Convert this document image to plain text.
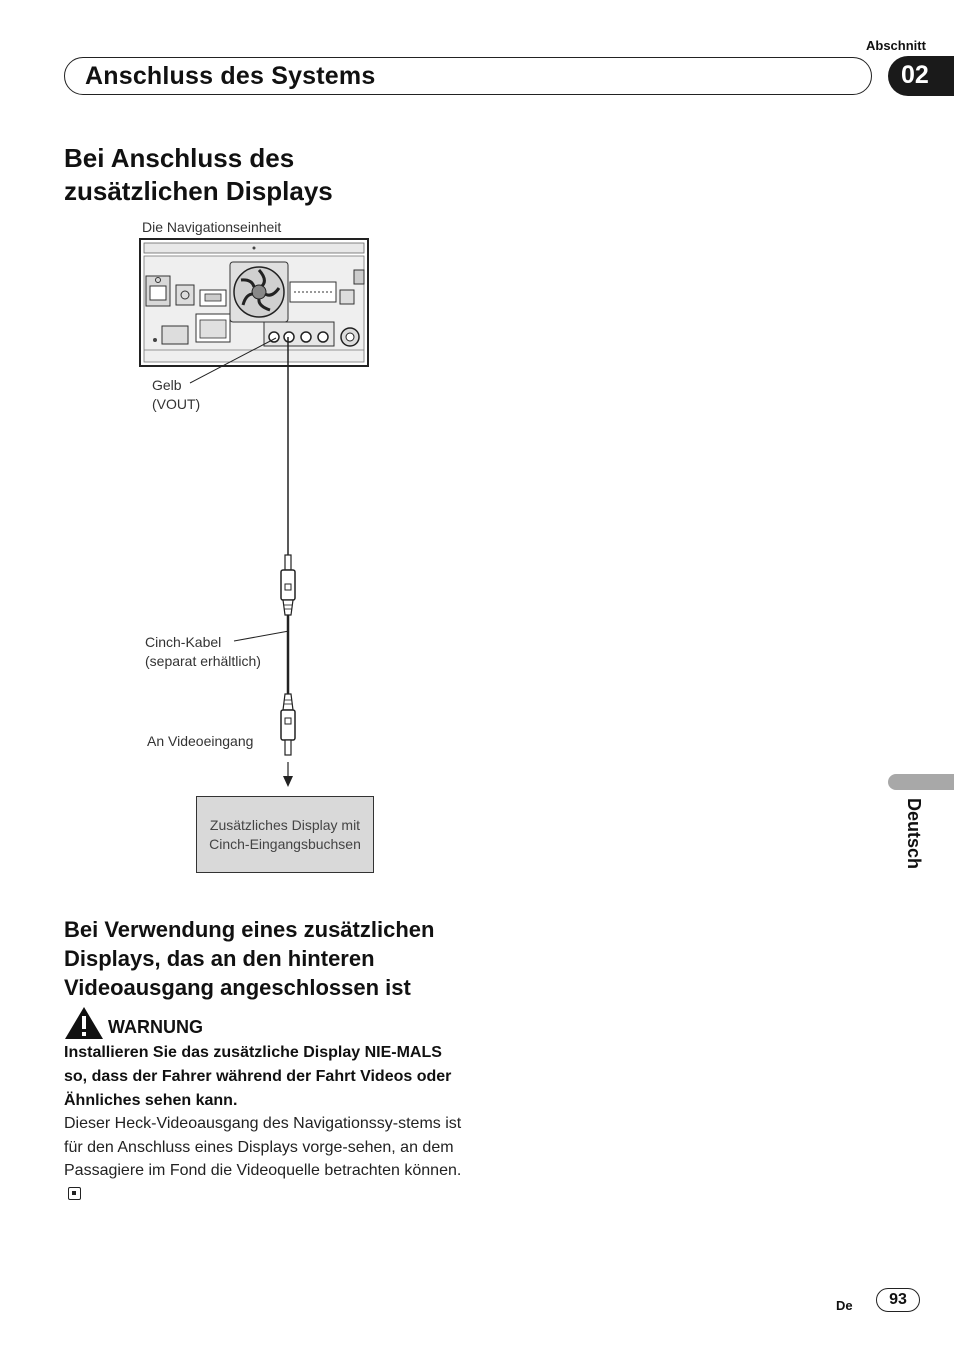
Abschnitt
Anschluss des Systems	02
Bei Anschluss des zusätzlichen Displays
Die Navigationseinheit
Gelb
(VOUT)
Cinch-Kabel
(separat erhältlich)
An Videoeingang
Zusätzliches Display mit
Cinch-Eingangsbuchsen
Bei Verwendung eines zusätzlichen Displays, das an den hinteren Videoausgang angeschlossen ist
WARNUNG
Installieren Sie das zusätzliche Display NIE-MALS so, dass der Fahrer während der Fahrt Videos oder Ähnliches sehen kann.
Dieser Heck-Videoausgang des Navigationssy-stems ist für den Anschluss eines Displays vorge-sehen, an dem Passagiere im Fond die Videoquelle betrachten können.
Deutsch
De	93
